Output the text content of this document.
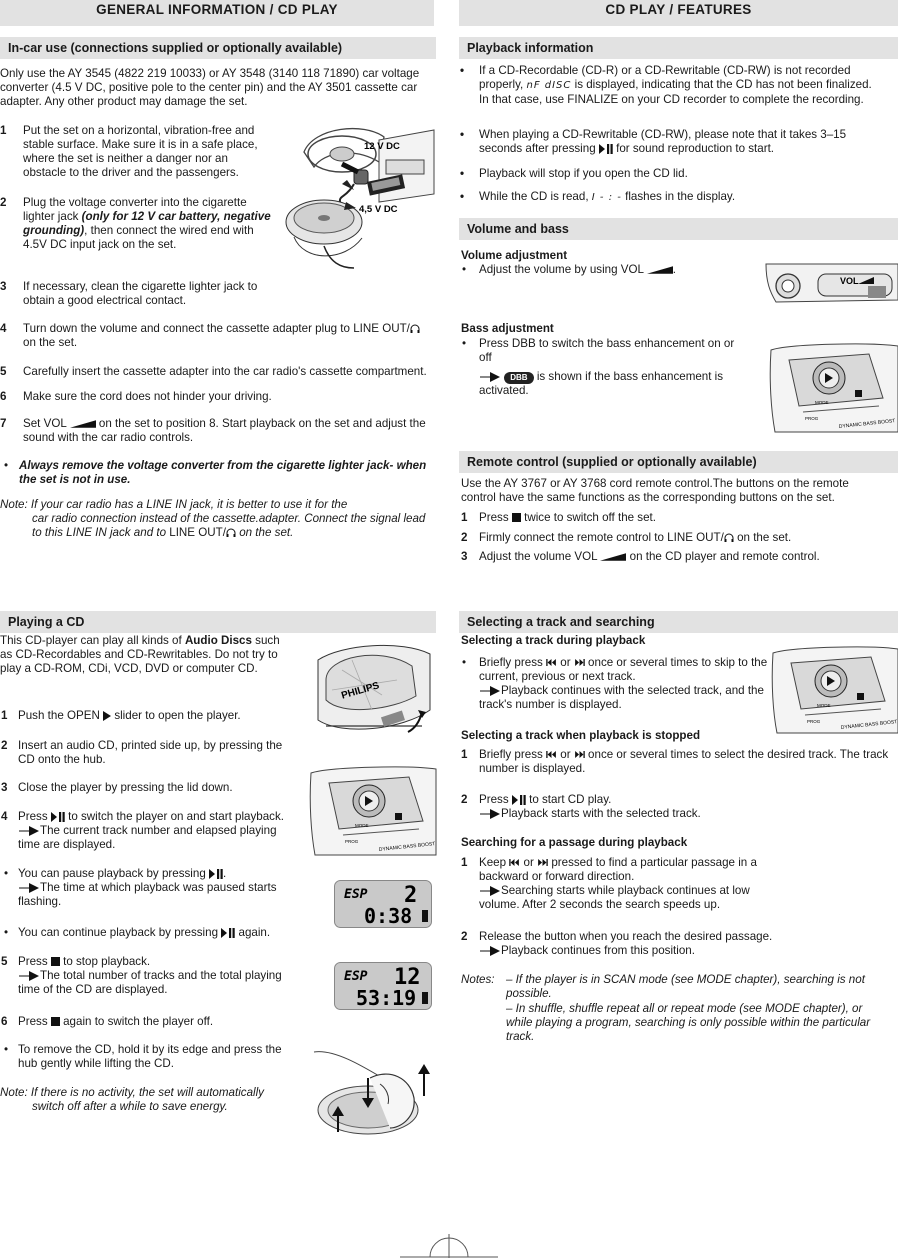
GENERAL INFORMATION / CD PLAY	CD PLAY / FEATURES
In-car use (connections supplied or optionally available)

Only use the AY 3545 (4822 219 10033) or AY 3548 (3140 118 71890) car voltage converter (4.5 V DC, positive pole to the center pin) and the AY 3501 cassette car adapter. Any other product may damage the set.

1 Put the set on a horizontal, vibration-free and stable surface. Make sure it is in a safe place, where the set is neither a danger nor an obstacle to the driver and the passengers.

2 Plug the voltage converter into the cigarette lighter jack (only for 12 V car battery, negative grounding), then connect the wired end with 4.5V DC input jack on the set.

3 If necessary, clean the cigarette lighter jack to obtain a good electrical contact.

4 Turn down the volume and connect the cassette adapter plug to LINE OUT/
on the set.

5 Carefully insert the cassette adapter into the car radio's cassette compartment.

6 Make sure the cord does not hinder your driving.

7 Set VOL	on the set to position 8. Start playback on the set and adjust the sound with the car radio controls.

• Always remove the voltage converter from the cigarette lighter jack- when the set is not in use.

Note: If your car radio has a LINE IN jack, it is better to use it for the

car radio connection instead of the cassette.adapter. Connect the signal lead to this LINE IN jack and to LINE OUT/ on the set.

12 V DC
4,5 V DC
Playback information
• If a CD-Recordable (CD-R) or a CD-Rewritable (CD-RW) is not recorded properly, nF dISC is displayed, indicating that the CD has not been finalized. In that case, use FINALIZE on your CD recorder to complete the recording.

• When playing a CD-Rewritable (CD-RW), please note that it takes 3–15 seconds after pressing for sound reproduction to start.

• Playback will stop if you open the CD lid.

• While the CD is read, I - : - flashes in the display.

Volume and bass

Volume adjustment

• Adjust the volume by using VOL	.

VOL

Bass adjustment

• Press DBB to switch the bass enhancement on or off

DBB is shown if the bass enhancement is activated.

DYNAMIC BASS BOOST
MODE
PROG
Remote control (supplied or optionally available)

Use the AY 3767 or AY 3768 cord remote control.The buttons on the remote control have the same functions as the corresponding buttons on the set.

1 Press twice to switch off the set.

2 Firmly connect the remote control to LINE OUT/ on the set.

3 Adjust the volume VOL	on the CD player and remote control.

Playing a CD

This CD-player can play all kinds of Audio Discs such as CD-Recordables and CD-Rewritables. Do not try to play a CD-ROM, CDi, VCD, DVD or computer CD.

1 Push the OPEN slider to open the player.

2 Insert an audio CD, printed side up, by pressing the CD onto the hub.

3 Close the player by pressing the lid down.

4 Press to switch the player on and start playback.

The current track number and elapsed playing time are displayed.

• You can pause playback by pressing .

The time at which playback was paused starts flashing.

• You can continue playback by pressing again.

5 Press to stop playback.

The total number of tracks and the total playing time of the CD are displayed.

6 Press again to switch the player off.

• To remove the CD, hold it by its edge and press the hub gently while lifting the CD.

Note: If there is no activity, the set will automatically
switch off after a while to save energy.

PHILIPS
DYNAMIC BASS BOOST
MODE
PROG
ESP 2
0:38
ESP 12
53:19
Selecting a track and searching

Selecting a track during playback

• Briefly press or once or several times to skip to the current, previous or next track.

Playback continues with the selected track, and the track's number is displayed.

DYNAMIC BASS BOOST
MODE
PROG

Selecting a track when playback is stopped

1 Briefly press or once or several times to select the desired track. The track number is displayed.

2 Press to start CD play.

Playback starts with the selected track.

Searching for a passage during playback

1 Keep or pressed to find a particular passage in a backward or forward direction.

Searching starts while playback continues at low volume. After 2 seconds the search speeds up.

2 Release the button when you reach the desired passage.

Playback continues from this position.

Notes: – If the player is in SCAN mode (see MODE chapter), searching is not possible.

– In shuffle, shuffle repeat all or repeat mode (see MODE chapter), or while playing a program, searching is only possible within the particular track.
